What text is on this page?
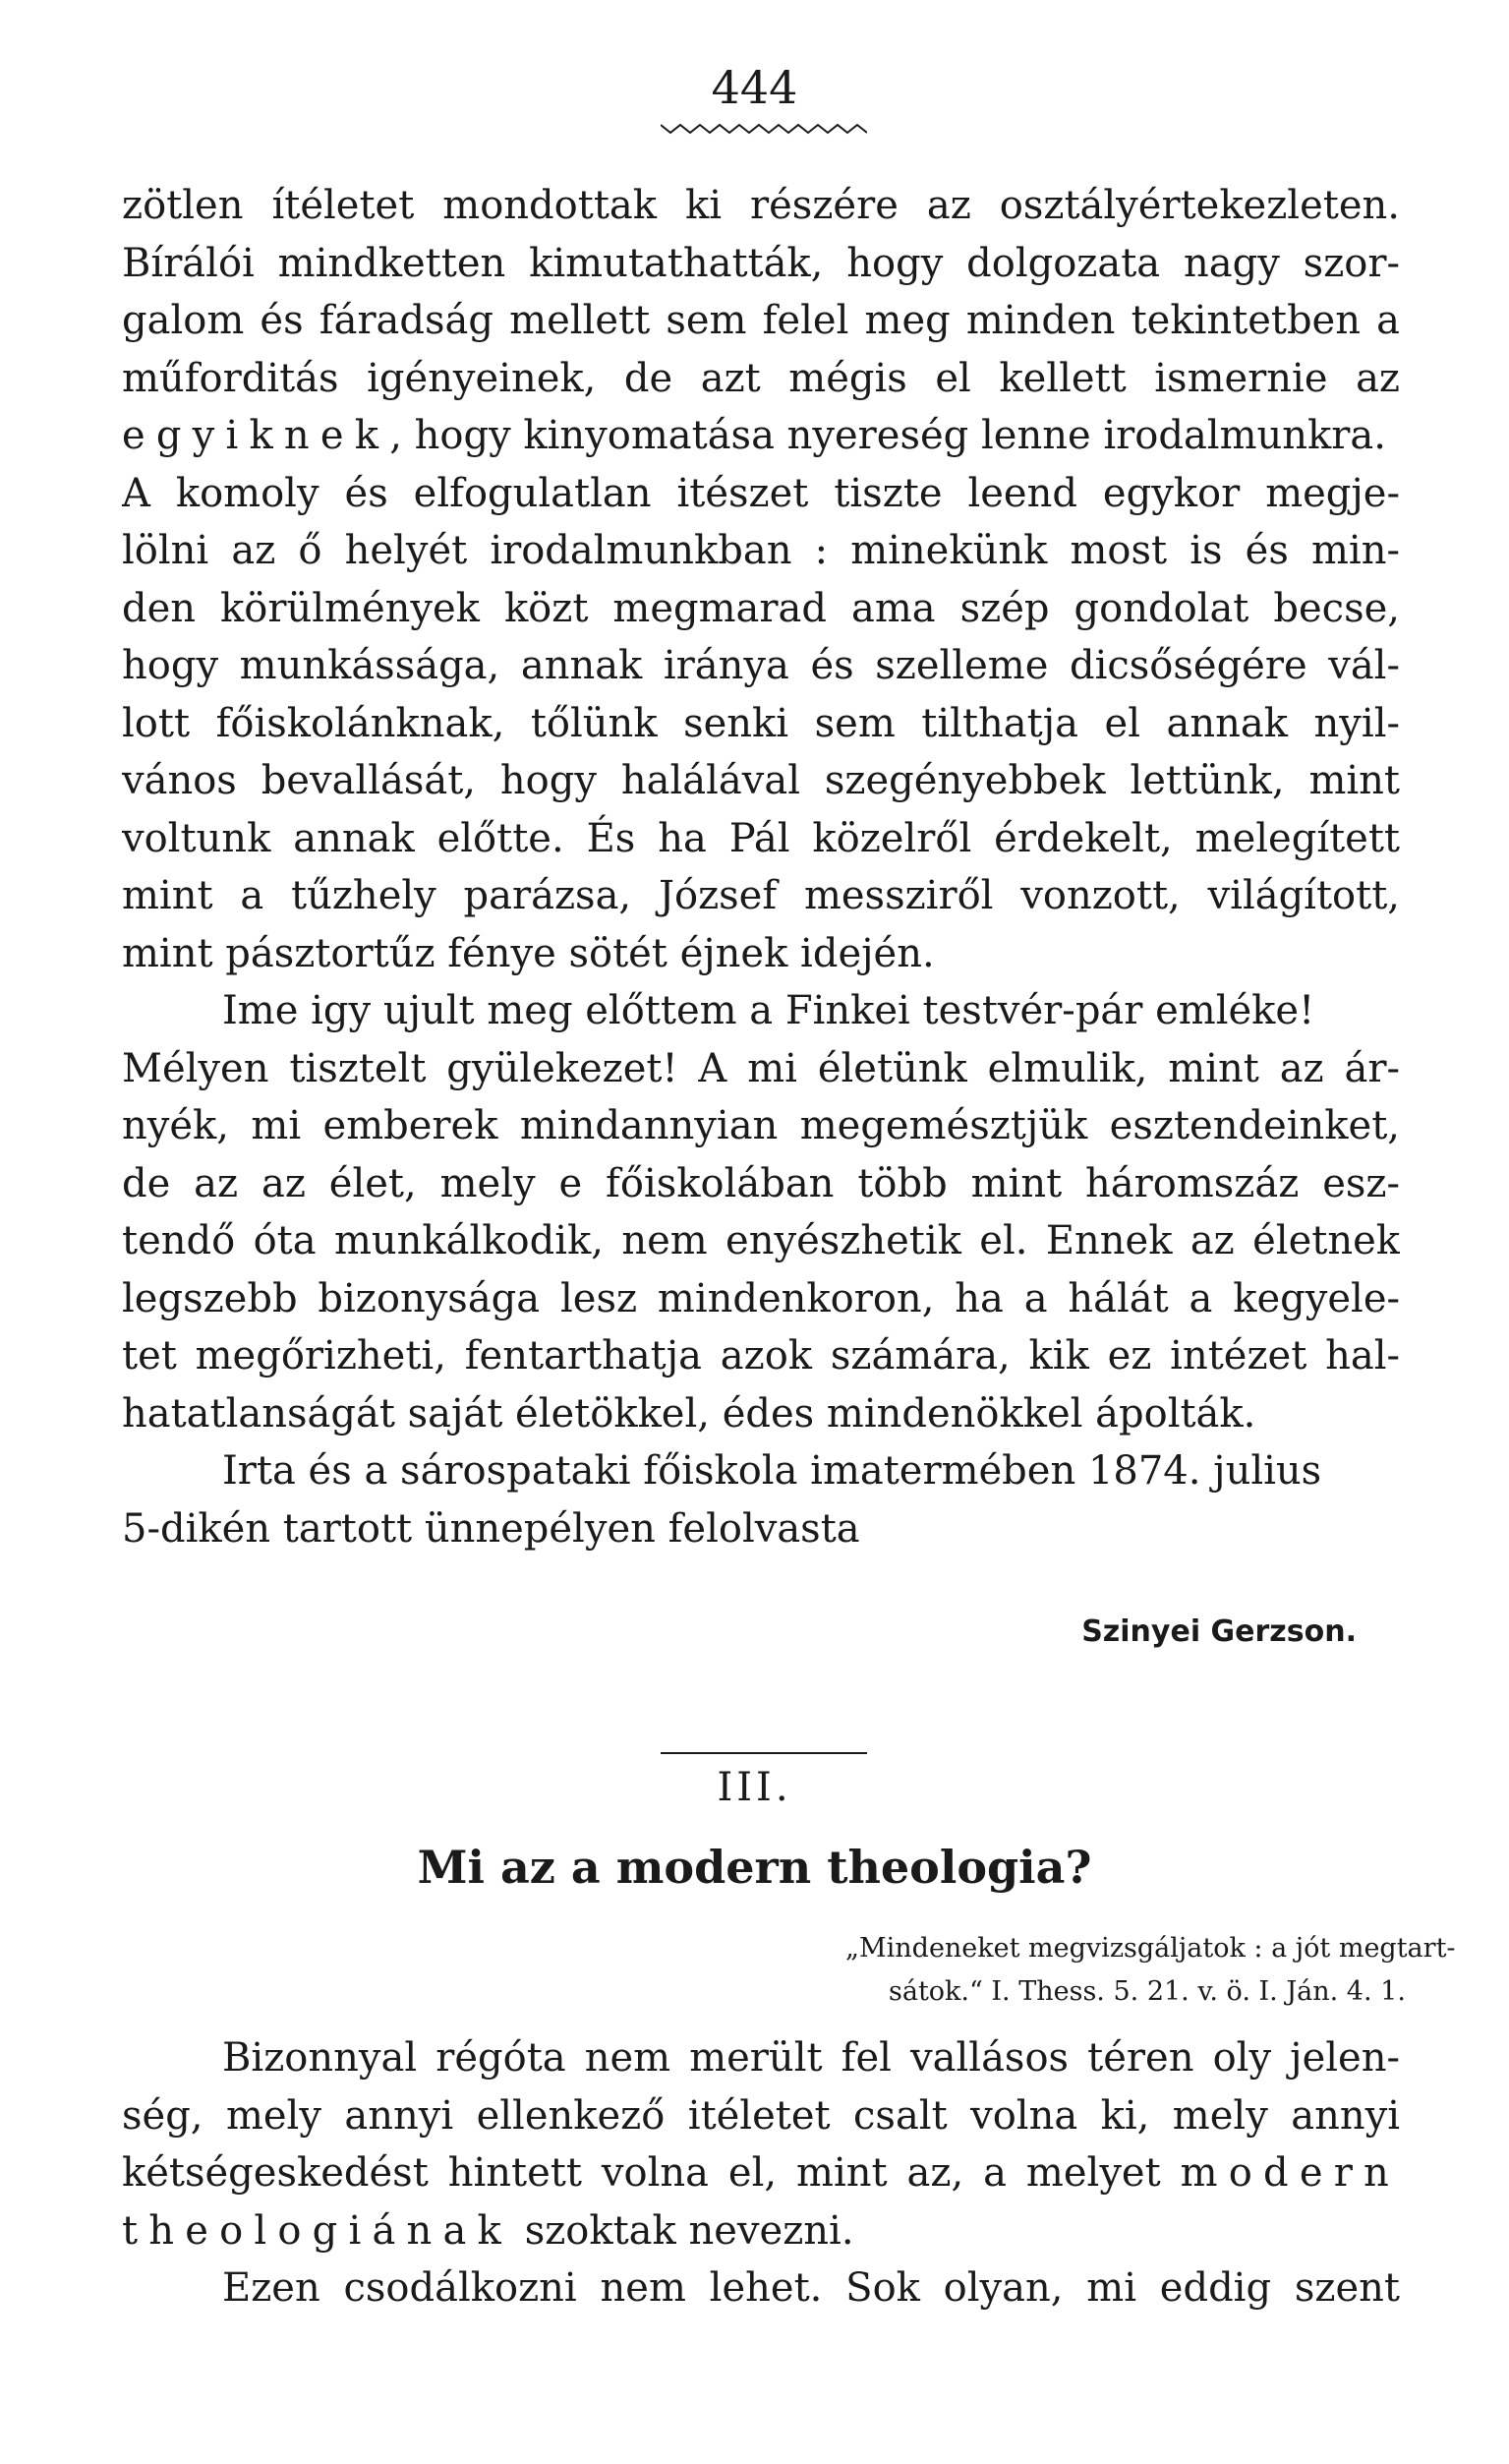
444
zötlen ítéletet mondottak ki részére az osztályértekezleten.
Bírálói mindketten kimutathatták, hogy dolgozata nagy szor-
galom és fáradság mellett sem felel meg minden tekintetben a
műforditás igényeinek, de azt mégis el kellett ismernie az
egyiknek, hogy kinyomatása nyereség lenne irodalmunkra.
A komoly és elfogulatlan itészet tiszte leend egykor megje-
lölni az ő helyét irodalmunkban : minekünk most is és min-
den körülmények közt megmarad ama szép gondolat becse,
hogy munkássága, annak iránya és szelleme dicsőségére vál-
lott főiskolánknak, tőlünk senki sem tilthatja el annak nyil-
vános bevallását, hogy halálával szegényebbek lettünk, mint
voltunk annak előtte. És ha Pál közelről érdekelt, melegített
mint a tűzhely parázsa, József messziről vonzott, világított,
mint pásztortűz fénye sötét éjnek idején.
Ime igy ujult meg előttem a Finkei testvér-pár emléke!
Mélyen tisztelt gyülekezet! A mi életünk elmulik, mint az ár-
nyék, mi emberek mindannyian megemésztjük esztendeinket,
de az az élet, mely e főiskolában több mint háromszáz esz-
tendő óta munkálkodik, nem enyészhetik el. Ennek az életnek
legszebb bizonysága lesz mindenkoron, ha a hálát a kegyele-
tet megőrizheti, fentarthatja azok számára, kik ez intézet hal-
hatatlanságát saját életökkel, édes mindenökkel ápolták.
Irta és a sárospataki főiskola imatermében 1874. julius
5-dikén tartott ünnepélyen felolvasta
Szinyei Gerzson.
III.
Mi az a modern theologia?
„Mindeneket megvizsgáljatok : a jót megtart-
sátok.“ I. Thess. 5. 21. v. ö. I. Ján. 4. 1.
Bizonnyal régóta nem merült fel vallásos téren oly jelen-
ség, mely annyi ellenkező itéletet csalt volna ki, mely annyi
kétségeskedést hintett volna el, mint az, a melyet modern
theologiának szoktak nevezni.
Ezen csodálkozni nem lehet. Sok olyan, mi eddig szent
